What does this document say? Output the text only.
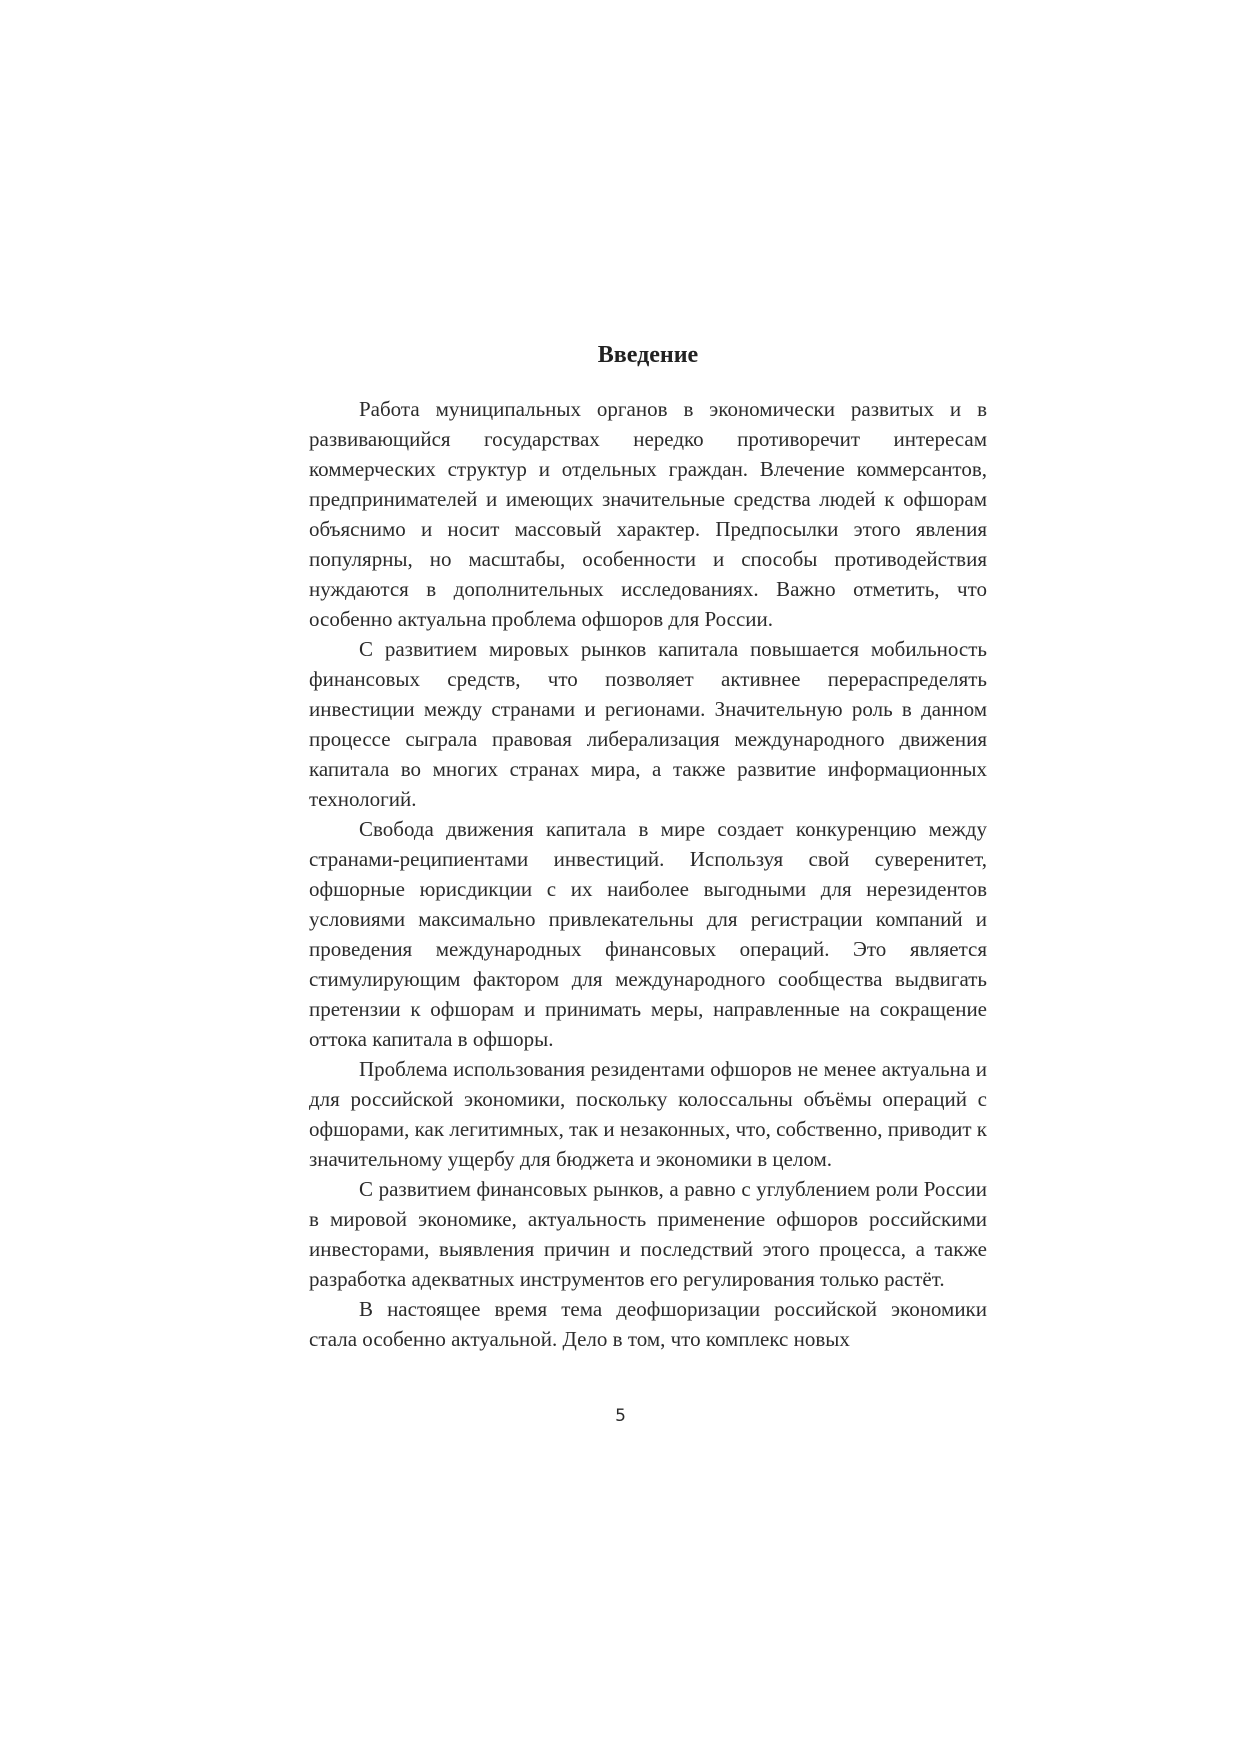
Введение

Работа муниципальных органов в экономически развитых и в развивающийся государствах нередко противоречит интересам коммерческих структур и отдельных граждан. Влечение коммерсантов, предпринимателей и имеющих значительные средства людей к офшорам объяснимо и носит массовый характер. Предпосылки этого явления популярны, но масштабы, особенности и способы противодействия нуждаются в дополнительных исследованиях. Важно отметить, что особенно актуальна проблема офшоров для России.

С развитием мировых рынков капитала повышается мобильность финансовых средств, что позволяет активнее перераспределять инвестиции между странами и регионами. Значительную роль в данном процессе сыграла правовая либерализация международного движения капитала во многих странах мира, а также развитие информационных технологий.

Свобода движения капитала в мире создает конкуренцию между странами-реципиентами инвестиций. Используя свой суверенитет, офшорные юрисдикции с их наиболее выгодными для нерезидентов условиями максимально привлекательны для регистрации компаний и проведения международных финансовых операций. Это является стимулирующим фактором для международного сообщества выдвигать претензии к офшорам и принимать меры, направленные на сокращение оттока капитала в офшоры.

Проблема использования резидентами офшоров не менее актуальна и для российской экономики, поскольку колоссальны объёмы операций с офшорами, как легитимных, так и незаконных, что, собственно, приводит к значительному ущербу для бюджета и экономики в целом.

С развитием финансовых рынков, а равно с углублением роли России в мировой экономике, актуальность применение офшоров российскими инвесторами, выявления причин и последствий этого процесса, а также разработка адекватных инструментов его регулирования только растёт.

В настоящее время тема деофшоризации российской экономики стала особенно актуальной. Дело в том, что комплекс новых

5
